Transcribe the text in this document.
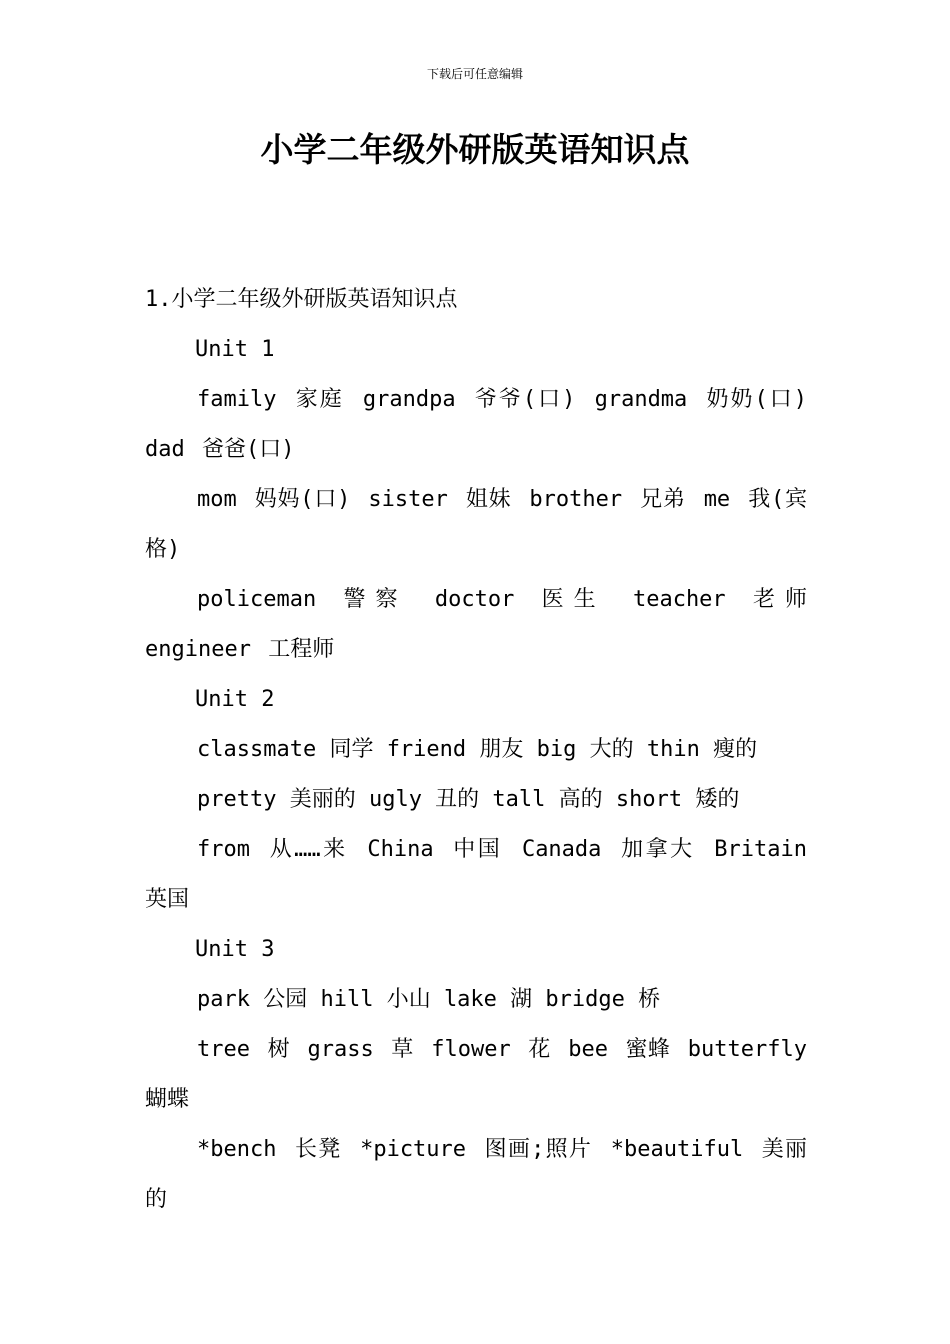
下载后可任意编辑
小学二年级外研版英语知识点
1.小学二年级外研版英语知识点
Unit 1
family 家庭 grandpa 爷爷(口) grandma 奶奶(口) dad 爸爸(口)
mom 妈妈(口) sister 姐妹 brother 兄弟 me 我(宾格)
policeman 警察 doctor 医生 teacher 老师 engineer 工程师
Unit 2
classmate 同学 friend 朋友 big 大的 thin 瘦的
pretty 美丽的 ugly 丑的 tall 高的 short 矮的
from 从……来 China 中国 Canada 加拿大 Britain 英国
Unit 3
park 公园 hill 小山 lake 湖 bridge 桥
tree 树 grass 草 flower 花 bee 蜜蜂 butterfly 蝴蝶
*bench 长凳 *picture 图画;照片 *beautiful 美丽的
